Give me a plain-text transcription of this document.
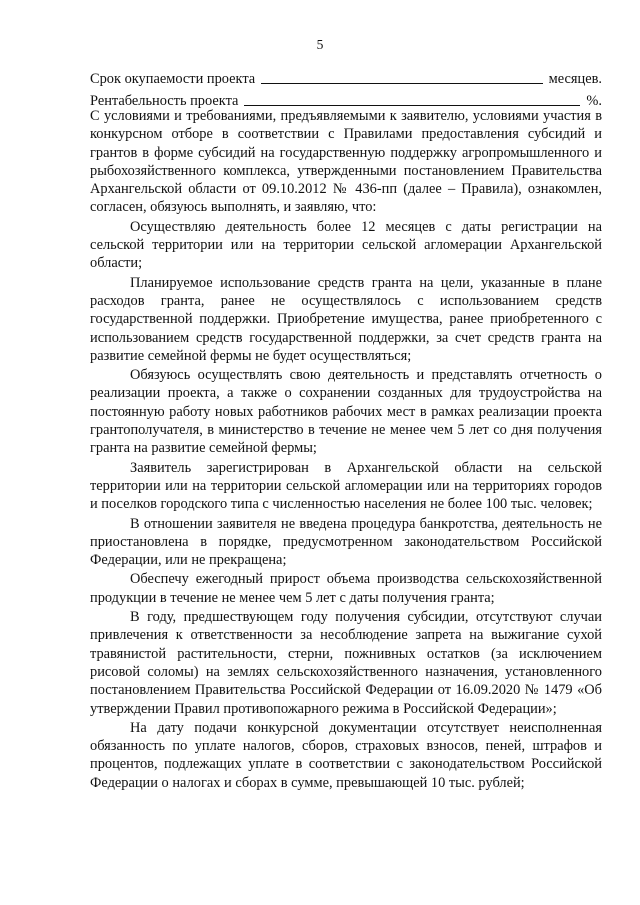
5
Срок окупаемости проекта	месяцев.
Рентабельность проекта	%.

С условиями и требованиями, предъявляемыми к заявителю, условиями участия в конкурсном отборе в соответствии с Правилами предоставления субсидий и грантов в форме субсидий на государственную поддержку агропромышленного и рыбохозяйственного комплекса, утвержденными постановлением Правительства Архангельской области от 09.10.2012 № 436-пп (далее – Правила), ознакомлен, согласен, обязуюсь выполнять, и заявляю, что:

Осуществляю деятельность более 12 месяцев с даты регистрации на сельской территории или на территории сельской агломерации Архангельской области;

Планируемое использование средств гранта на цели, указанные в плане расходов гранта, ранее не осуществлялось с использованием средств государственной поддержки. Приобретение имущества, ранее приобретенного с использованием средств государственной поддержки, за счет средств гранта на развитие семейной фермы не будет осуществляться;

Обязуюсь осуществлять свою деятельность и представлять отчетность о реализации проекта, а также о сохранении созданных для трудоустройства на постоянную работу новых работников рабочих мест в рамках реализации проекта грантополучателя, в министерство в течение не менее чем 5 лет со дня получения гранта на развитие семейной фермы;

Заявитель зарегистрирован в Архангельской области на сельской территории или на территории сельской агломерации или на территориях городов и поселков городского типа с численностью населения не более 100 тыс. человек;

В отношении заявителя не введена процедура банкротства, деятельность не приостановлена в порядке, предусмотренном законодательством Российской Федерации, или не прекращена;

Обеспечу ежегодный прирост объема производства сельскохозяйственной продукции в течение не менее чем 5 лет с даты получения гранта;

В году, предшествующем году получения субсидии, отсутствуют случаи привлечения к ответственности за несоблюдение запрета на выжигание сухой травянистой растительности, стерни, пожнивных остатков (за исключением рисовой соломы) на землях сельскохозяйственного назначения, установленного постановлением Правительства Российской Федерации от 16.09.2020 № 1479 «Об утверждении Правил противопожарного режима в Российской Федерации»;

На дату подачи конкурсной документации отсутствует неисполненная обязанность по уплате налогов, сборов, страховых взносов, пеней, штрафов и процентов, подлежащих уплате в соответствии с законодательством Российской Федерации о налогах и сборах в сумме, превышающей 10 тыс. рублей;
